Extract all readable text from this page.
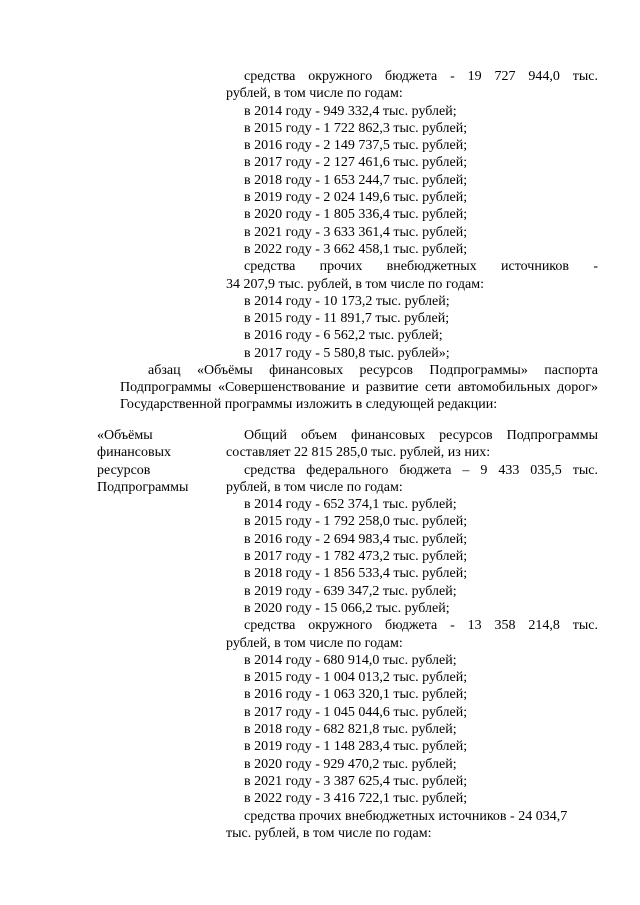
средства окружного бюджета - 19 727 944,0 тыс.

рублей, в том числе по годам:

в 2014 году - 949 332,4 тыс. рублей;

в 2015 году - 1 722 862,3 тыс. рублей;

в 2016 году - 2 149 737,5 тыс. рублей;

в 2017 году - 2 127 461,6 тыс. рублей;

в 2018 году - 1 653 244,7 тыс. рублей;

в 2019 году - 2 024 149,6 тыс. рублей;

в 2020 году - 1 805 336,4 тыс. рублей;

в 2021 году - 3 633 361,4 тыс. рублей;

в 2022 году - 3 662 458,1 тыс. рублей;

средства прочих внебюджетных источников -

34 207,9 тыс. рублей, в том числе по годам:

в 2014 году - 10 173,2 тыс. рублей;

в 2015 году - 11 891,7 тыс. рублей;

в 2016 году - 6 562,2 тыс. рублей;

в 2017 году - 5 580,8 тыс. рублей»;

абзац «Объёмы финансовых ресурсов Подпрограммы» паспорта

Подпрограммы «Совершенствование и развитие сети автомобильных дорог»

Государственной программы изложить в следующей редакции:

«Объёмы

финансовых

ресурсов

Подпрограммы

Общий объем финансовых ресурсов Подпрограммы

составляет 22 815 285,0 тыс. рублей, из них:

средства федерального бюджета – 9 433 035,5 тыс.

рублей, в том числе по годам:

в 2014 году - 652 374,1 тыс. рублей;

в 2015 году - 1 792 258,0 тыс. рублей;

в 2016 году - 2 694 983,4 тыс. рублей;

в 2017 году - 1 782 473,2 тыс. рублей;

в 2018 году - 1 856 533,4 тыс. рублей;

в 2019 году - 639 347,2 тыс. рублей;

в 2020 году - 15 066,2 тыс. рублей;

средства окружного бюджета - 13 358 214,8 тыс.

рублей, в том числе по годам:

в 2014 году - 680 914,0 тыс. рублей;

в 2015 году - 1 004 013,2 тыс. рублей;

в 2016 году - 1 063 320,1 тыс. рублей;

в 2017 году - 1 045 044,6 тыс. рублей;

в 2018 году - 682 821,8 тыс. рублей;

в 2019 году - 1 148 283,4 тыс. рублей;

в 2020 году - 929 470,2 тыс. рублей;

в 2021 году - 3 387 625,4 тыс. рублей;

в 2022 году - 3 416 722,1 тыс. рублей;

средства прочих внебюджетных источников - 24 034,7

тыс. рублей, в том числе по годам:
